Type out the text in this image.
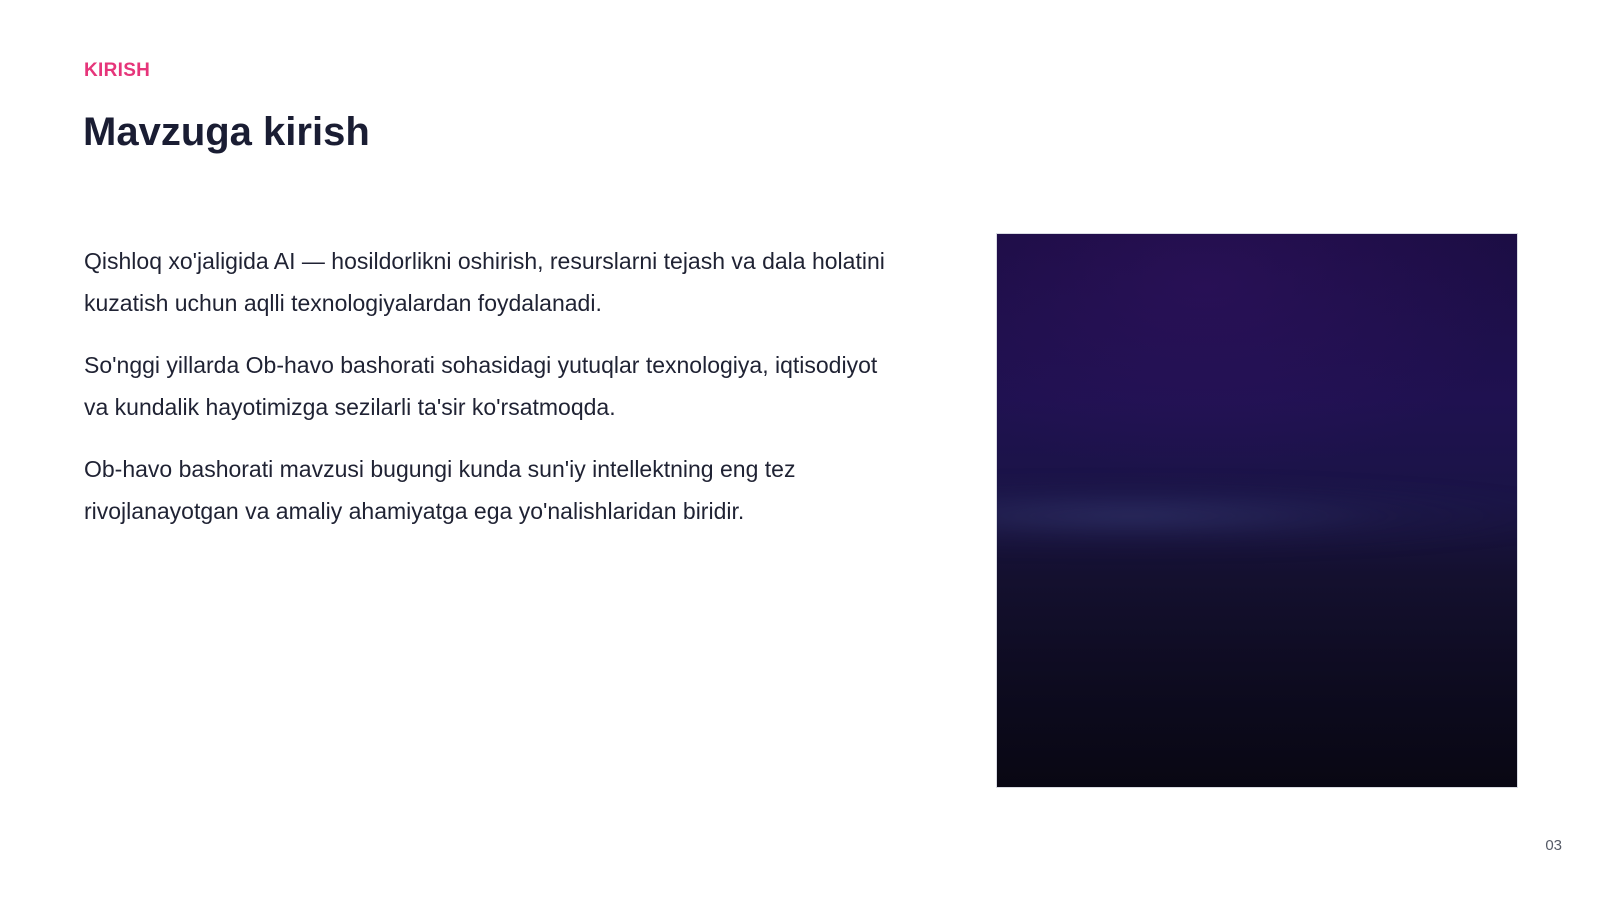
KIRISH
Mavzuga kirish

Qishloq xo'jaligida AI — hosildorlikni oshirish, resurslarni tejash va dala holatini kuzatish uchun aqlli texnologiyalardan foydalanadi.

So'nggi yillarda Ob-havo bashorati sohasidagi yutuqlar texnologiya, iqtisodiyot va kundalik hayotimizga sezilarli ta'sir ko'rsatmoqda.

Ob-havo bashorati mavzusi bugungi kunda sun'iy intellektning eng tez rivojlanayotgan va amaliy ahamiyatga ega yo'nalishlaridan biridir.

03
